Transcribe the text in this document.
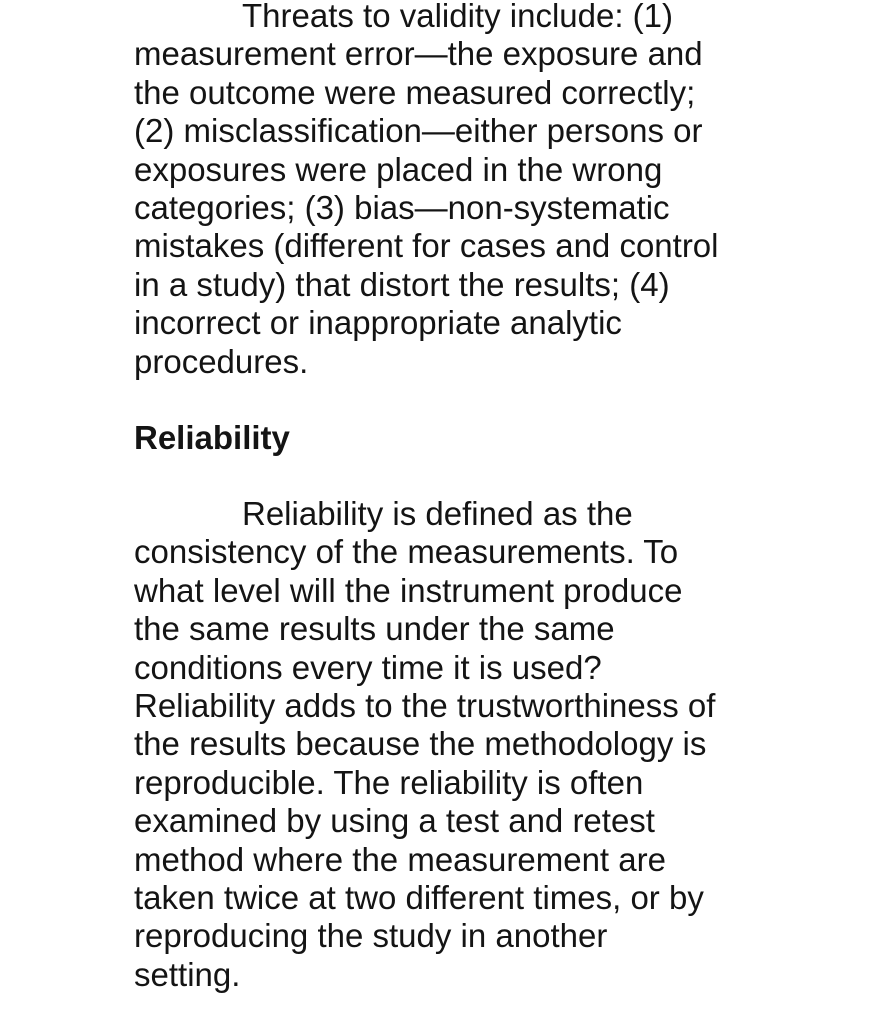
Threats to validity include: (1)
measurement error—the exposure and
the outcome were measured correctly;
(2) misclassification—either persons or
exposures were placed in the wrong
categories; (3) bias—non-systematic
mistakes (different for cases and control
in a study) that distort the results; (4)
incorrect or inappropriate analytic
procedures.

Reliability

Reliability is defined as the
consistency of the measurements. To
what level will the instrument produce
the same results under the same
conditions every time it is used?
Reliability adds to the trustworthiness of
the results because the methodology is
reproducible. The reliability is often
examined by using a test and retest
method where the measurement are
taken twice at two different times, or by
reproducing the study in another
setting.
